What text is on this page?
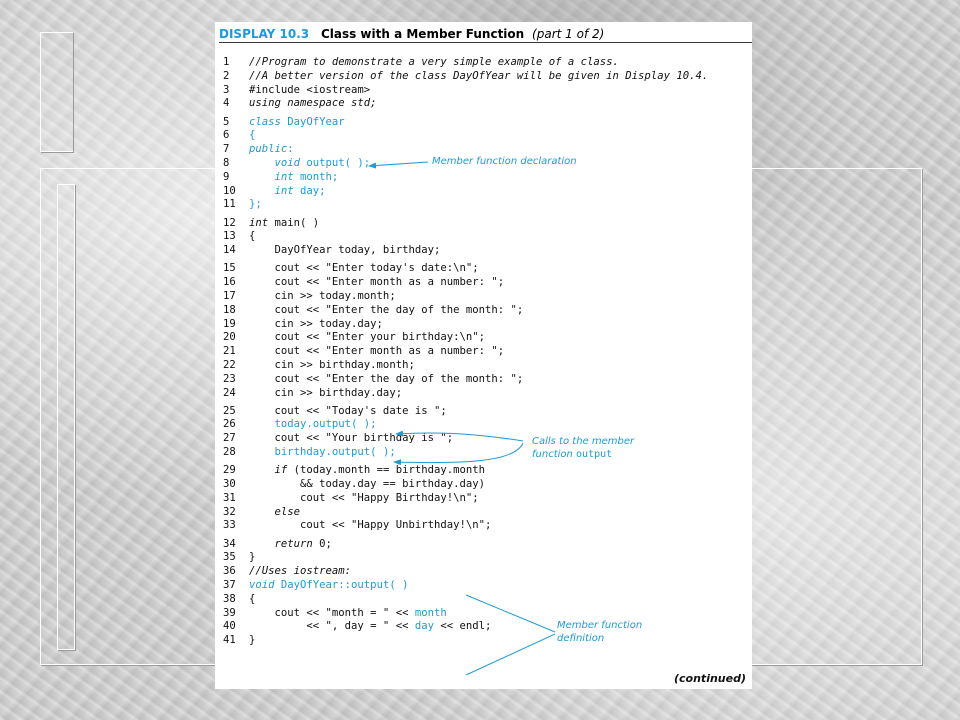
DISPLAY 10.3 Class with a Member Function (part 1 of 2)
1	//Program to demonstrate a very simple example of a class.
2	//A better version of the class DayOfYear will be given in Display 10.4.
3	#include <iostream>
4	using namespace std;
5	class DayOfYear
6	{
7	public:
8	void output( );
9	int month;
10	int day;
11	};
12	int main( )
13	{
14	DayOfYear today, birthday;
15	cout << "Enter today's date:\n";
16	cout << "Enter month as a number: ";
17	cin >> today.month;
18	cout << "Enter the day of the month: ";
19	cin >> today.day;
20	cout << "Enter your birthday:\n";
21	cout << "Enter month as a number: ";
22	cin >> birthday.month;
23	cout << "Enter the day of the month: ";
24	cin >> birthday.day;
25	cout << "Today's date is ";
26	today.output( );
27	cout << "Your birthday is ";
28	birthday.output( );
29	if (today.month == birthday.month
30	&& today.day == birthday.day)
31	cout << "Happy Birthday!\n";
32	else
33	cout << "Happy Unbirthday!\n";
34	return 0;
35	}
36	//Uses iostream:
37	void DayOfYear::output( )
38	{
39	cout << "month = " << month
40	<< ", day = " << day << endl;
41	}
Member function declaration
Calls to the member
function output
Member function
definition
(continued)
